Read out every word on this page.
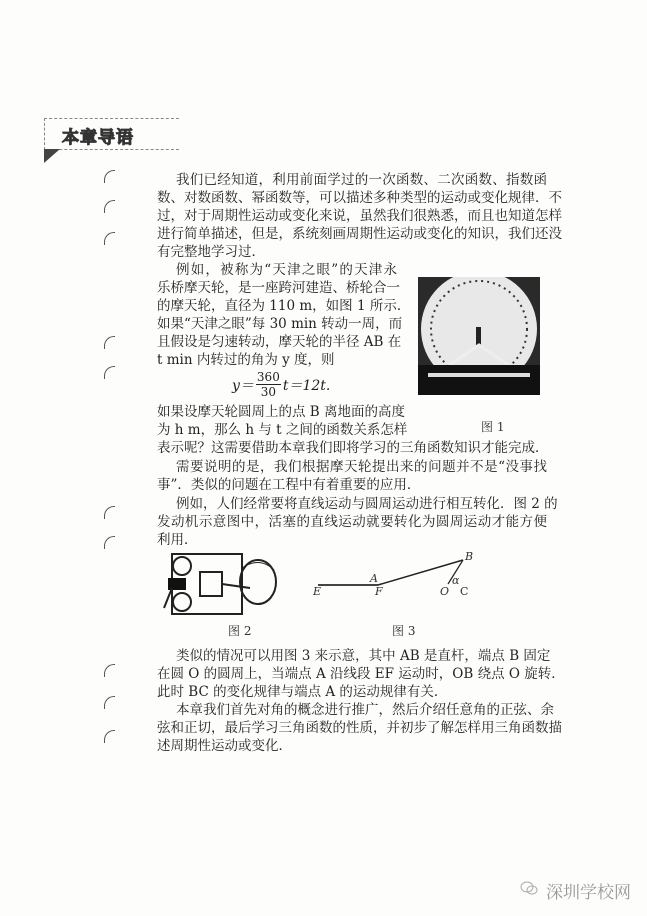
本章导语
我们已经知道，利用前面学过的一次函数、二次函数、指数函
数、对数函数、幂函数等，可以描述多种类型的运动或变化规律．不
过，对于周期性运动或变化来说，虽然我们很熟悉，而且也知道怎样
进行简单描述，但是，系统刻画周期性运动或变化的知识，我们还没
有完整地学习过．
例如，被称为“天津之眼”的天津永
乐桥摩天轮，是一座跨河建造、桥轮合一
的摩天轮，直径为 110 m，如图 1 所示．
如果“天津之眼”每 30 min 转动一周，而
且假设是匀速转动，摩天轮的半径 AB 在
t min 内转过的角为 y 度，则
$y= \frac{360}{30} t=12t$.
如果设摩天轮圆周上的点 B 离地面的高度
为 h m，那么 h 与 t 之间的函数关系怎样
表示呢？这需要借助本章我们即将学习的三角函数知识才能完成．
图 1
需要说明的是，我们根据摩天轮提出来的问题并不是“没事找
事”．类似的问题在工程中有着重要的应用．
例如，人们经常要将直线运动与圆周运动进行相互转化．图 2 的
发动机示意图中，活塞的直线运动就要转化为圆周运动才能方便
利用．
图 2
E	F
A
B
O C
α
图 3
类似的情况可以用图 3 来示意，其中 AB 是直杆，端点 B 固定
在圆 O 的圆周上，当端点 A 沿线段 EF 运动时，OB 绕点 O 旋转．
此时 BC 的变化规律与端点 A 的运动规律有关．
本章我们首先对角的概念进行推广，然后介绍任意角的正弦、余
弦和正切，最后学习三角函数的性质，并初步了解怎样用三角函数描
述周期性运动或变化．
深圳学校网
